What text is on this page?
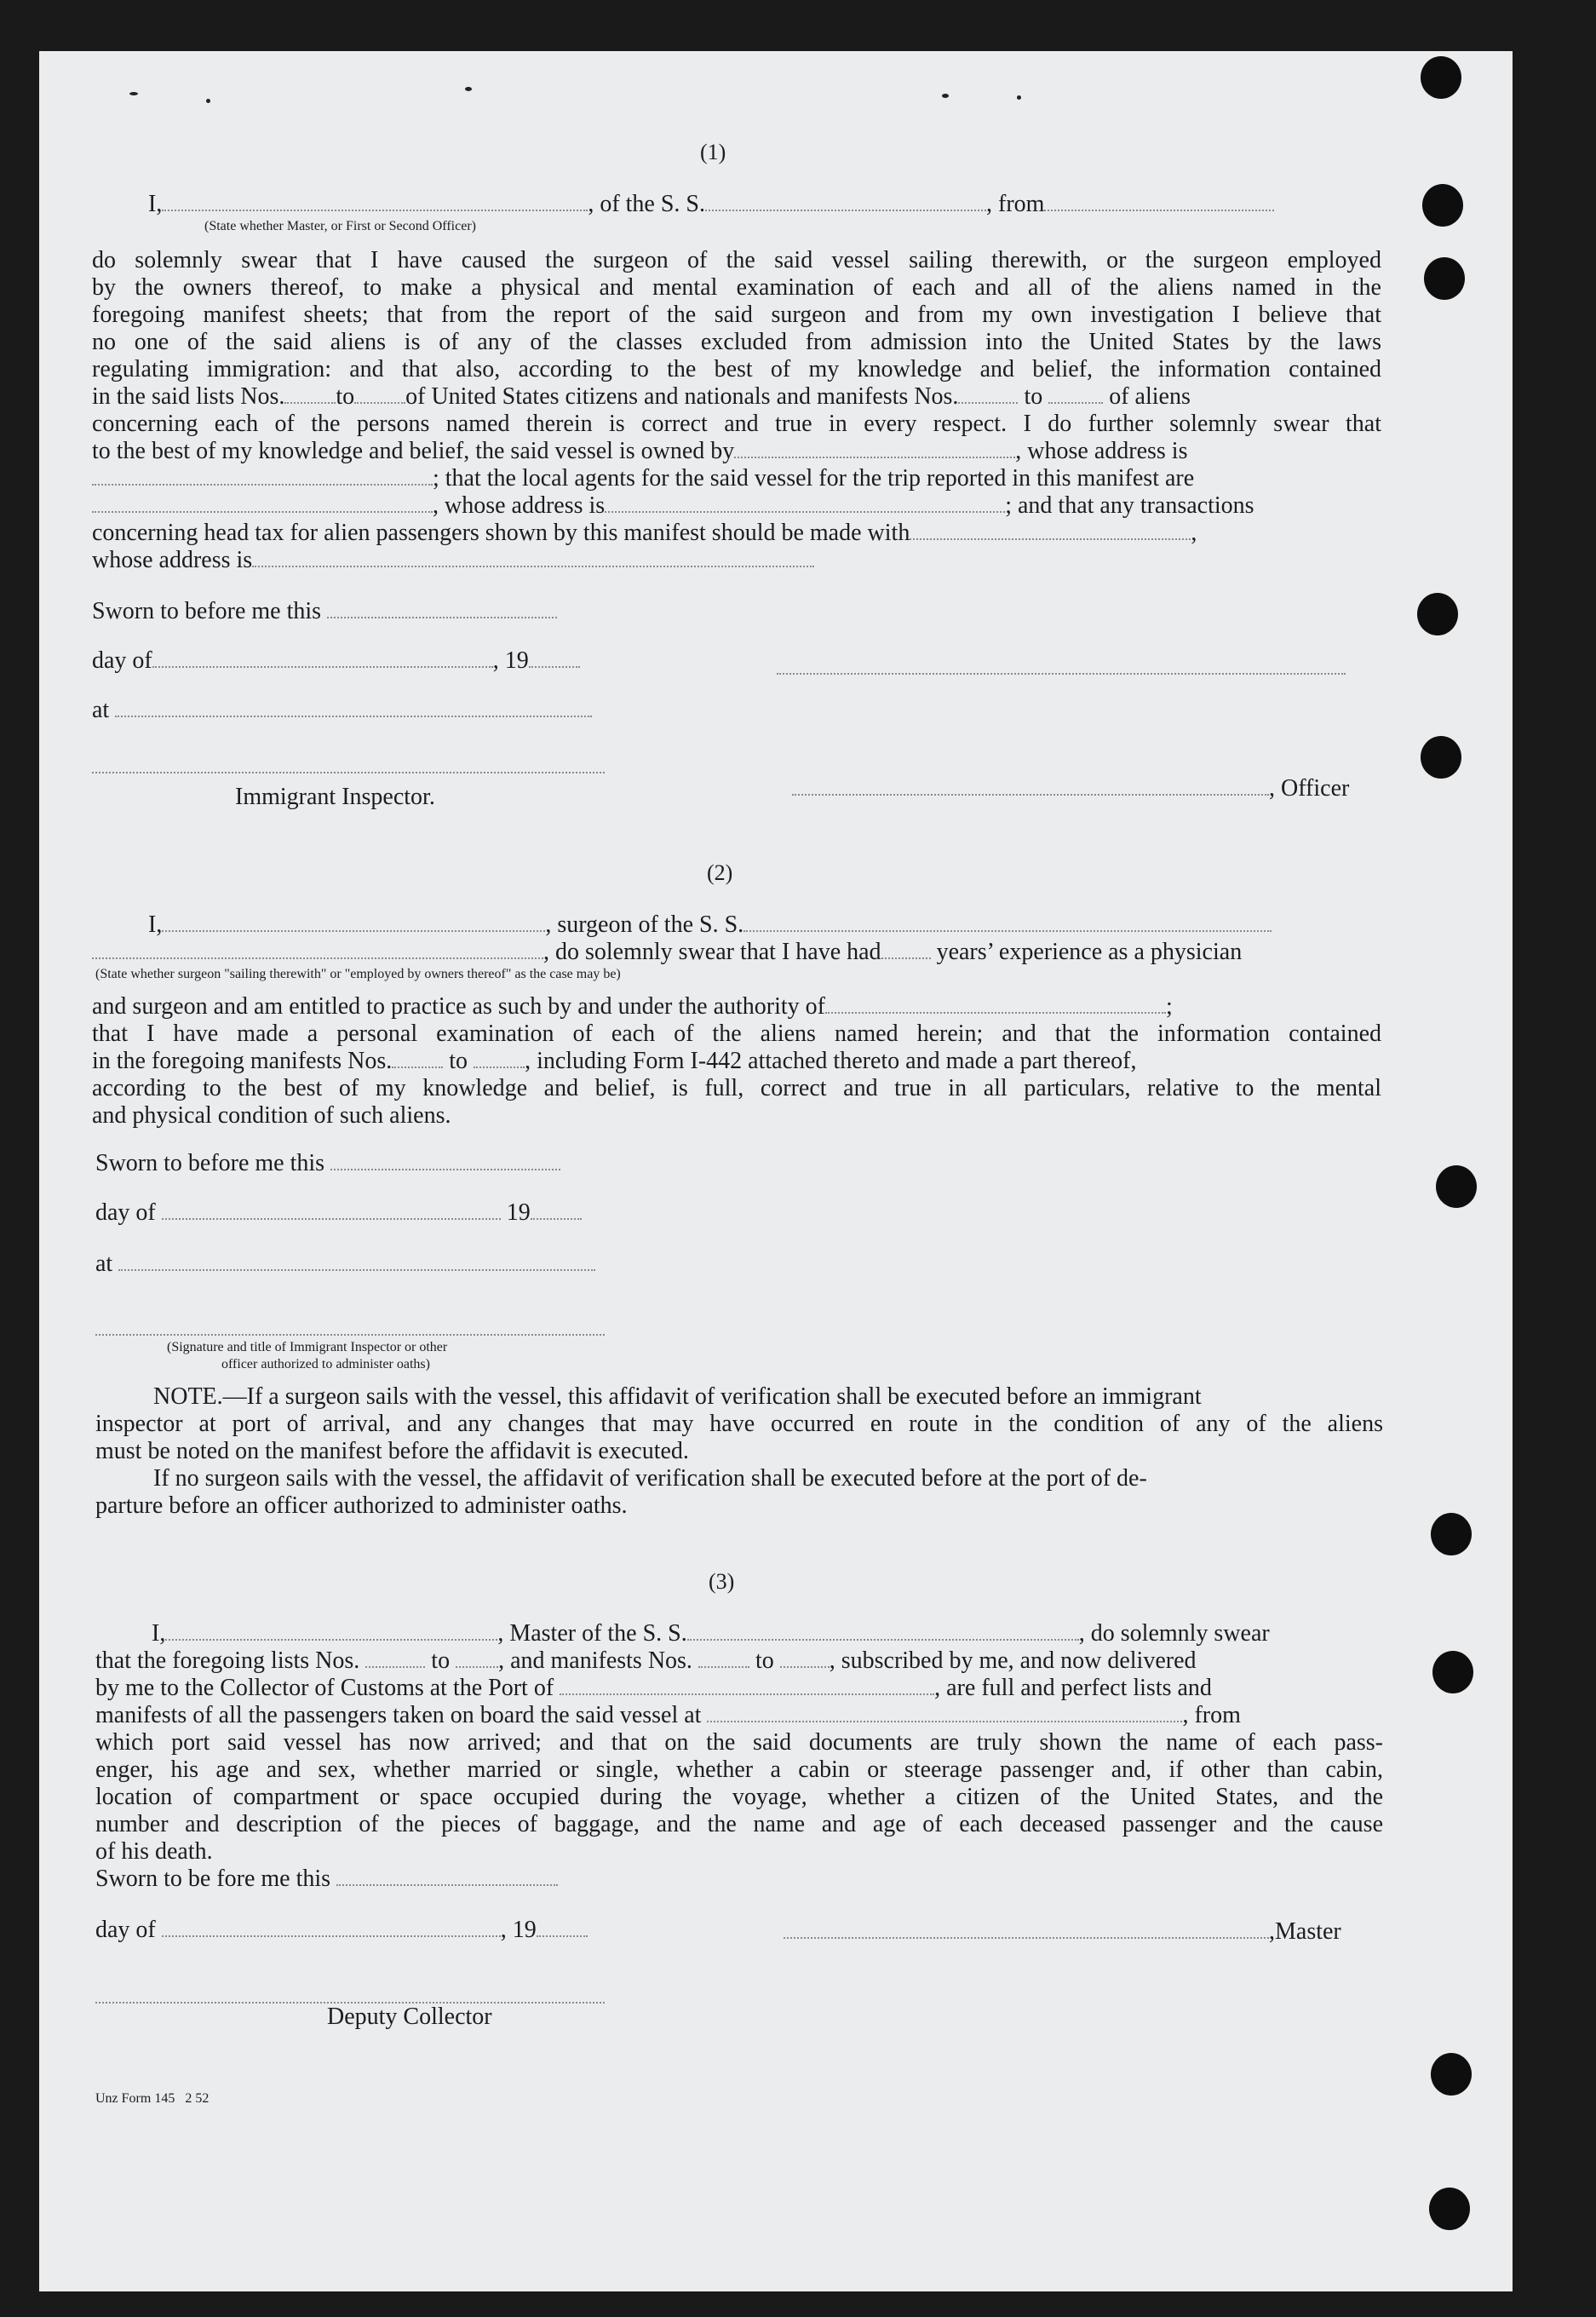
(1)
I,	, of the S. S.	, from
(State whether Master, or First or Second Officer)
do solemnly swear that I have caused the surgeon of the said vessel sailing therewith, or the surgeon employed
by the owners thereof, to make a physical and mental examination of each and all of the aliens named in the
foregoing manifest sheets; that from the report of the said surgeon and from my own investigation I believe that
no one of the said aliens is of any of the classes excluded from admission into the United States by the laws
regulating immigration: and that also, according to the best of my knowledge and belief, the information contained
in the said lists Nos. to of United States citizens and nationals and manifests Nos.	to	of aliens
concerning each of the persons named therein is correct and true in every respect. I do further solemnly swear that
to the best of my knowledge and belief, the said vessel is owned by	, whose address is
; that the local agents for the said vessel for the trip reported in this manifest are
, whose address is	; and that any transactions
concerning head tax for alien passengers shown by this manifest should be made with	,
whose address is
Sworn to before me this
day of	, 19
at
Immigrant Inspector.	, Officer
(2)
I,	, surgeon of the S. S.
, do solemnly swear that I have had years’ experience as a physician
(State whether surgeon "sailing therewith" or "employed by owners thereof" as the case may be)
and surgeon and am entitled to practice as such by and under the authority of	;
that I have made a personal examination of each of the aliens named herein; and that the information contained
in the foregoing manifests Nos. to , including Form I-442 attached thereto and made a part thereof,
according to the best of my knowledge and belief, is full, correct and true in all particulars, relative to the mental
and physical condition of such aliens.
Sworn to before me this
day of	19
at
(Signature and title of Immigrant Inspector or other
officer authorized to administer oaths)
NOTE.—If a surgeon sails with the vessel, this affidavit of verification shall be executed before an immigrant
inspector at port of arrival, and any changes that may have occurred en route in the condition of any of the aliens
must be noted on the manifest before the affidavit is executed.
If no surgeon sails with the vessel, the affidavit of verification shall be executed before at the port of de-
parture before an officer authorized to administer oaths.
(3)
I,	, Master of the S. S.	, do solemnly swear
that the foregoing lists Nos.	to , and manifests Nos.	to , subscribed by me, and now delivered
by me to the Collector of Customs at the Port of	, are full and perfect lists and
manifests of all the passengers taken on board the said vessel at	, from
which port said vessel has now arrived; and that on the said documents are truly shown the name of each pass-
enger, his age and sex, whether married or single, whether a cabin or steerage passenger and, if other than cabin,
location of compartment or space occupied during the voyage, whether a citizen of the United States, and the
number and description of the pieces of baggage, and the name and age of each deceased passenger and the cause
of his death.
Sworn to be fore me this
day of	, 19	,Master
Deputy Collector
Unz Form 145   2 52
